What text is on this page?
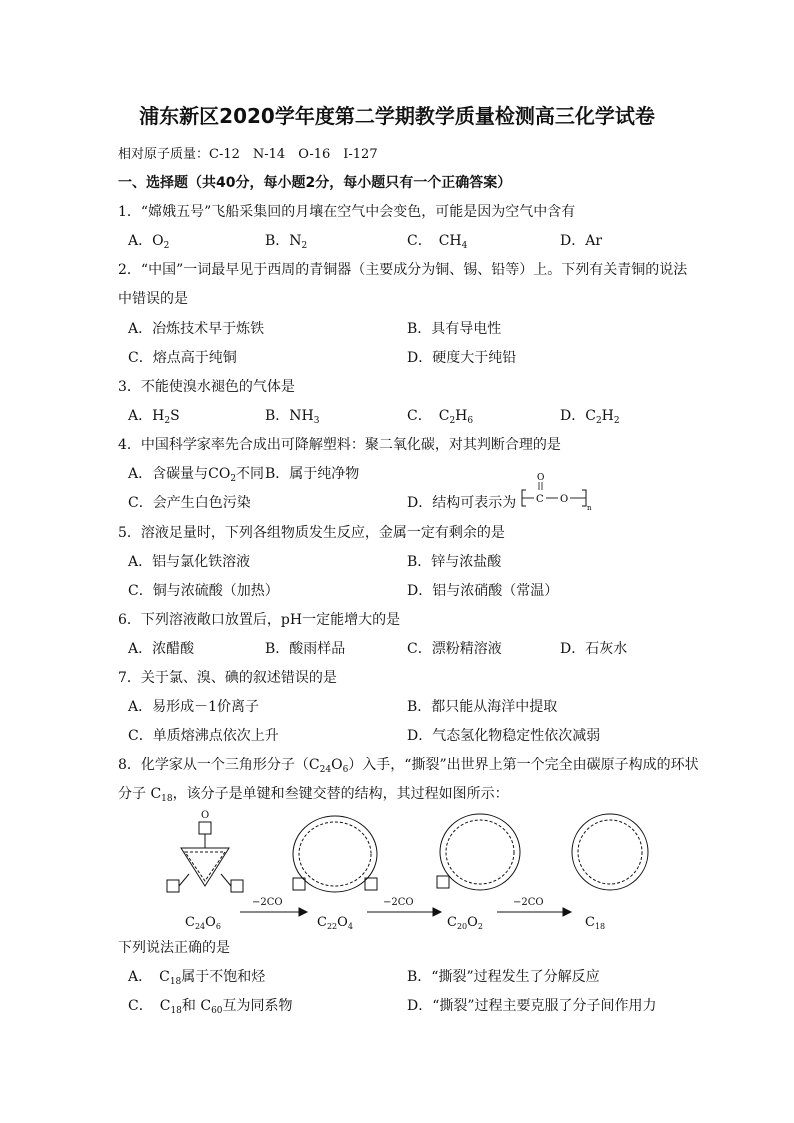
浦东新区2020学年度第二学期教学质量检测高三化学试卷
相对原子质量：C-12　N-14　O-16　I-127
一、选择题（共40分，每小题2分，每小题只有一个正确答案）
1．“嫦娥五号”飞船采集回的月壤在空气中会变色，可能是因为空气中含有
A．$O_2$	B．$N_2$	C．　$CH_4$	D．Ar
2．“中国”一词最早见于西周的青铜器（主要成分为铜、锡、铅等）上。下列有关青铜的说法
中错误的是
A．冶炼技术早于炼铁	B．具有导电性
C．熔点高于纯铜	D．硬度大于纯铅
3．不能使溴水褪色的气体是
A．$H_2S$	B．$NH_3$	C．　$C_2H_6$	D．$C_2H_2$
4．中国科学家率先合成出可降解塑料：聚二氧化碳，对其判断合理的是
A．含碳量与$CO_2$不同 B．属于纯净物
C．会产生白色污染	D．结构可表示为 C
O
O
n
5．溶液足量时，下列各组物质发生反应，金属一定有剩余的是
A．铝与氯化铁溶液	B．锌与浓盐酸
C．铜与浓硫酸（加热）	D．铝与浓硝酸（常温）
6．下列溶液敞口放置后，pH一定能增大的是
A．浓醋酸	B．酸雨样品	C．漂粉精溶液	D．石灰水
7．关于氯、溴、碘的叙述错误的是
A．易形成－1价离子	B．都只能从海洋中提取
C．单质熔沸点依次上升	D．气态氢化物稳定性依次减弱
8．化学家从一个三角形分子$(C_{24}O_6)$入手，“撕裂”出世界上第一个完全由碳原子构成的环状
分子 $C_{18}$，该分子是单键和叁键交替的结构，其过程如图所示：
O
−2CO	−2CO	−2CO
$C_{24}O_6$	$C_{22}O_4$	$C_{20}O_2$	$C_{18}$
下列说法正确的是
A．　$C_{18}$属于不饱和烃	B．“撕裂”过程发生了分解反应
C．　$C_{18}$和 $C_{60}$互为同系物	D．“撕裂”过程主要克服了分子间作用力
